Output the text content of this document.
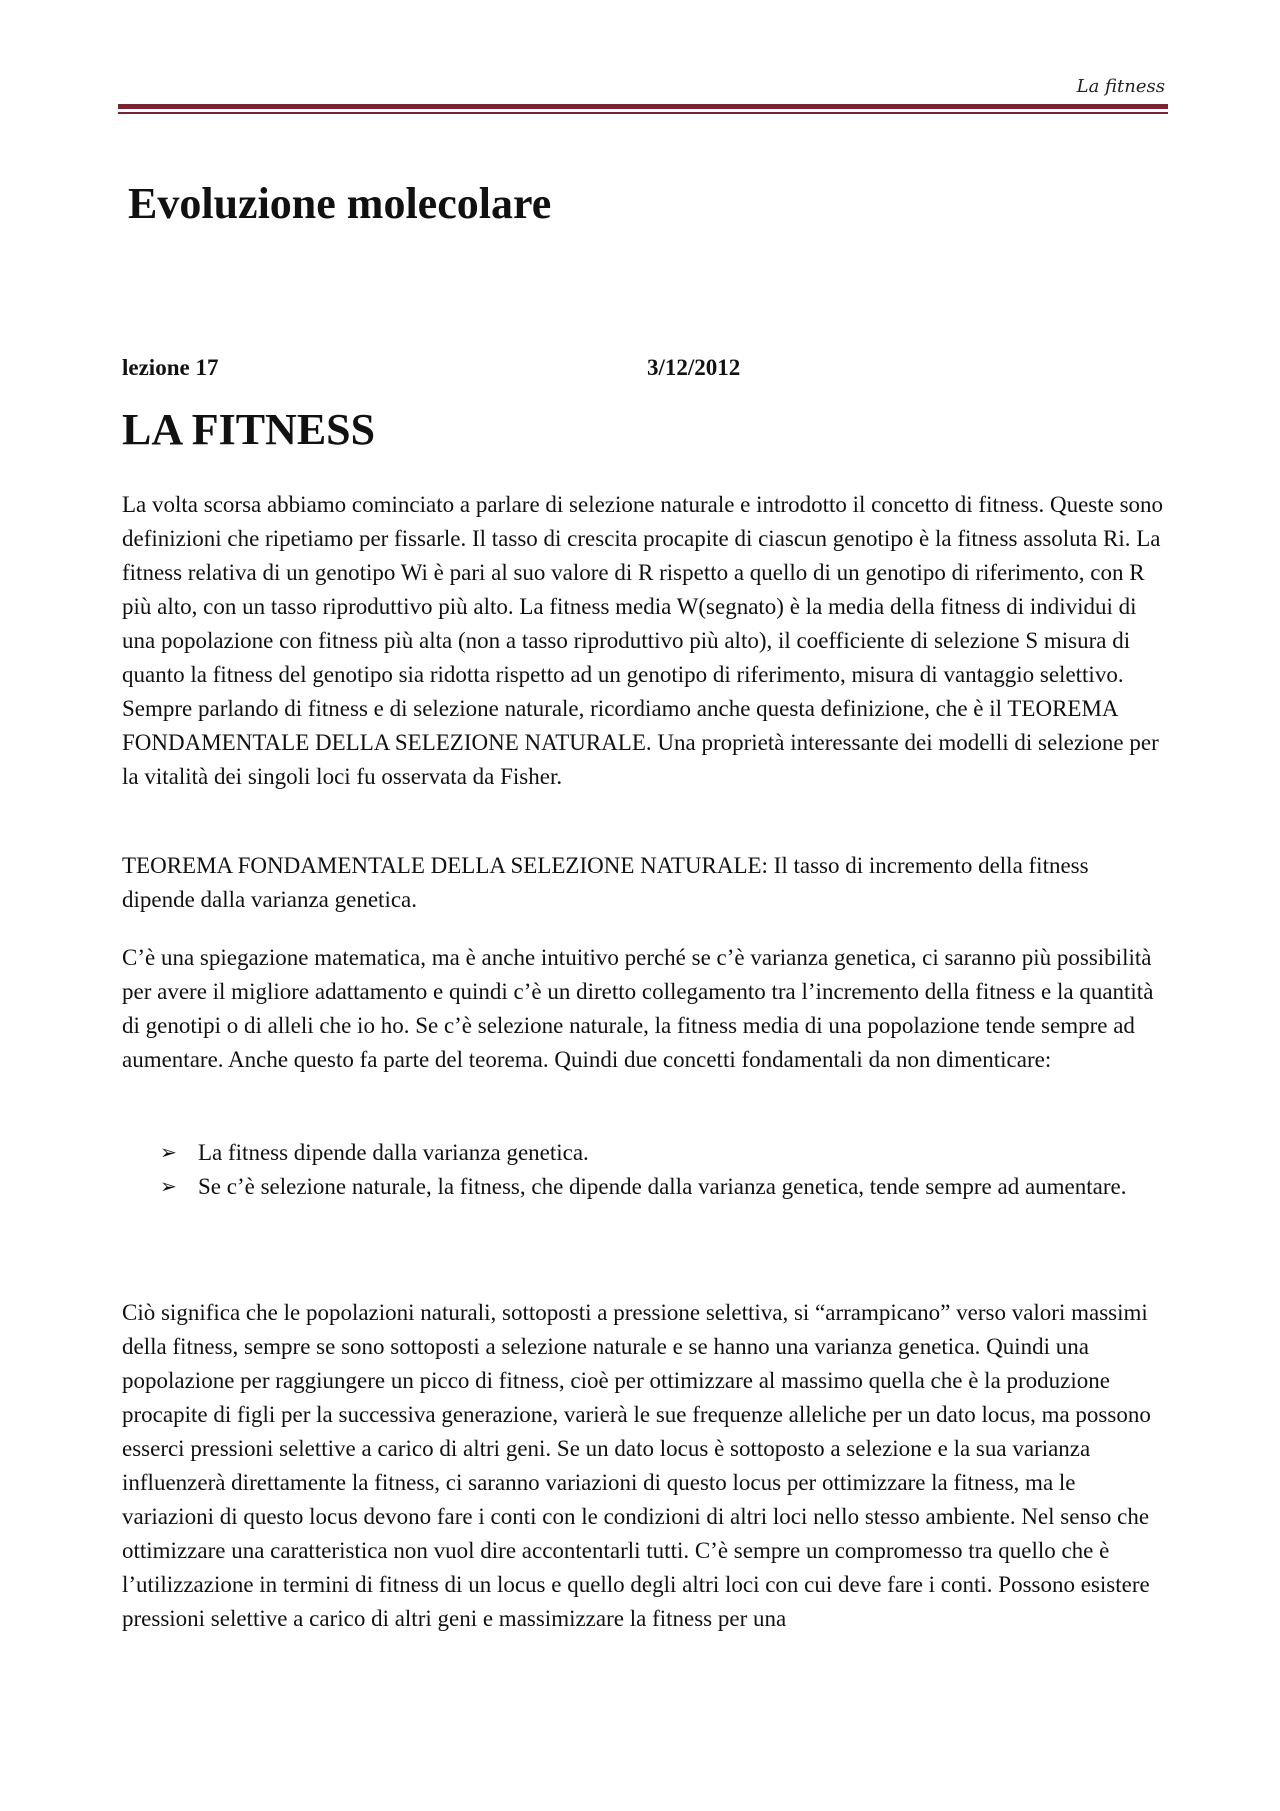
La fitness
Evoluzione molecolare
lezione 17	3/12/2012
LA FITNESS

La volta scorsa abbiamo cominciato a parlare di selezione naturale e introdotto il concetto di fitness. Queste sono definizioni che ripetiamo per fissarle. Il tasso di crescita procapite di ciascun genotipo è la fitness assoluta Ri. La fitness relativa di un genotipo Wi è pari al suo valore di R rispetto a quello di un genotipo di riferimento, con R più alto, con un tasso riproduttivo più alto. La fitness media W(segnato) è la media della fitness di individui di una popolazione con fitness più alta (non a tasso riproduttivo più alto), il coefficiente di selezione S misura di quanto la fitness del genotipo sia ridotta rispetto ad un genotipo di riferimento, misura di vantaggio selettivo. Sempre parlando di fitness e di selezione naturale, ricordiamo anche questa definizione, che è il TEOREMA FONDAMENTALE DELLA SELEZIONE NATURALE. Una proprietà interessante dei modelli di selezione per la vitalità dei singoli loci fu osservata da Fisher.

TEOREMA FONDAMENTALE DELLA SELEZIONE NATURALE: Il tasso di incremento della fitness dipende dalla varianza genetica.

C’è una spiegazione matematica, ma è anche intuitivo perché se c’è varianza genetica, ci saranno più possibilità per avere il migliore adattamento e quindi c’è un diretto collegamento tra l’incremento della fitness e la quantità di genotipi o di alleli che io ho. Se c’è selezione naturale, la fitness media di una popolazione tende sempre ad aumentare. Anche questo fa parte del teorema. Quindi due concetti fondamentali da non dimenticare:

➢ La fitness dipende dalla varianza genetica.
➢ Se c’è selezione naturale, la fitness, che dipende dalla varianza genetica, tende sempre ad aumentare.

Ciò significa che le popolazioni naturali, sottoposti a pressione selettiva, si “arrampicano” verso valori massimi della fitness, sempre se sono sottoposti a selezione naturale e se hanno una varianza genetica. Quindi una popolazione per raggiungere un picco di fitness, cioè per ottimizzare al massimo quella che è la produzione procapite di figli per la successiva generazione, varierà le sue frequenze alleliche per un dato locus, ma possono esserci pressioni selettive a carico di altri geni. Se un dato locus è sottoposto a selezione e la sua varianza influenzerà direttamente la fitness, ci saranno variazioni di questo locus per ottimizzare la fitness, ma le variazioni di questo locus devono fare i conti con le condizioni di altri loci nello stesso ambiente. Nel senso che ottimizzare una caratteristica non vuol dire accontentarli tutti. C’è sempre un compromesso tra quello che è l’utilizzazione in termini di fitness di un locus e quello degli altri loci con cui deve fare i conti. Possono esistere pressioni selettive a carico di altri geni e massimizzare la fitness per una
